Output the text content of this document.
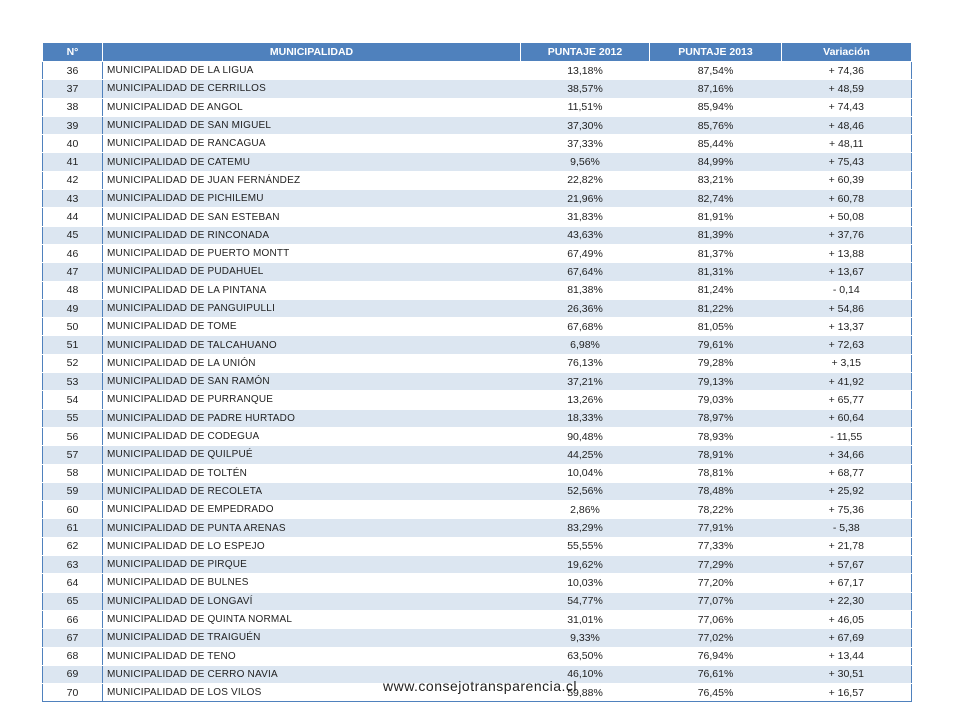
N°	MUNICIPALIDAD	PUNTAJE 2012	PUNTAJE 2013	Variación
36	MUNICIPALIDAD DE LA LIGUA	13,18%	87,54%	+ 74,36
37	MUNICIPALIDAD DE CERRILLOS	38,57%	87,16%	+ 48,59
38	MUNICIPALIDAD DE ANGOL	11,51%	85,94%	+ 74,43
39	MUNICIPALIDAD DE SAN MIGUEL	37,30%	85,76%	+ 48,46
40	MUNICIPALIDAD DE RANCAGUA	37,33%	85,44%	+ 48,11
41	MUNICIPALIDAD DE CATEMU	9,56%	84,99%	+ 75,43
42	MUNICIPALIDAD DE JUAN FERNÁNDEZ	22,82%	83,21%	+ 60,39
43	MUNICIPALIDAD DE PICHILEMU	21,96%	82,74%	+ 60,78
44	MUNICIPALIDAD DE SAN ESTEBAN	31,83%	81,91%	+ 50,08
45	MUNICIPALIDAD DE RINCONADA	43,63%	81,39%	+ 37,76
46	MUNICIPALIDAD DE PUERTO MONTT	67,49%	81,37%	+ 13,88
47	MUNICIPALIDAD DE PUDAHUEL	67,64%	81,31%	+ 13,67
48	MUNICIPALIDAD DE LA PINTANA	81,38%	81,24%	- 0,14
49	MUNICIPALIDAD DE PANGUIPULLI	26,36%	81,22%	+ 54,86
50	MUNICIPALIDAD DE TOME	67,68%	81,05%	+ 13,37
51	MUNICIPALIDAD DE TALCAHUANO	6,98%	79,61%	+ 72,63
52	MUNICIPALIDAD DE LA UNIÓN	76,13%	79,28%	+ 3,15
53	MUNICIPALIDAD DE SAN RAMÓN	37,21%	79,13%	+ 41,92
54	MUNICIPALIDAD DE PURRANQUE	13,26%	79,03%	+ 65,77
55	MUNICIPALIDAD DE PADRE HURTADO	18,33%	78,97%	+ 60,64
56	MUNICIPALIDAD DE CODEGUA	90,48%	78,93%	- 11,55
57	MUNICIPALIDAD DE QUILPUÉ	44,25%	78,91%	+ 34,66
58	MUNICIPALIDAD DE TOLTÉN	10,04%	78,81%	+ 68,77
59	MUNICIPALIDAD DE RECOLETA	52,56%	78,48%	+ 25,92
60	MUNICIPALIDAD DE EMPEDRADO	2,86%	78,22%	+ 75,36
61	MUNICIPALIDAD DE PUNTA ARENAS	83,29%	77,91%	- 5,38
62	MUNICIPALIDAD DE LO ESPEJO	55,55%	77,33%	+ 21,78
63	MUNICIPALIDAD DE PIRQUE	19,62%	77,29%	+ 57,67
64	MUNICIPALIDAD DE BULNES	10,03%	77,20%	+ 67,17
65	MUNICIPALIDAD DE LONGAVÍ	54,77%	77,07%	+ 22,30
66	MUNICIPALIDAD DE QUINTA NORMAL	31,01%	77,06%	+ 46,05
67	MUNICIPALIDAD DE TRAIGUÉN	9,33%	77,02%	+ 67,69
68	MUNICIPALIDAD DE TENO	63,50%	76,94%	+ 13,44
69	MUNICIPALIDAD DE CERRO NAVIA	46,10%	76,61%	+ 30,51
70	MUNICIPALIDAD DE LOS VILOS	59,88%	76,45%	+ 16,57
www.consejotransparencia.cl
